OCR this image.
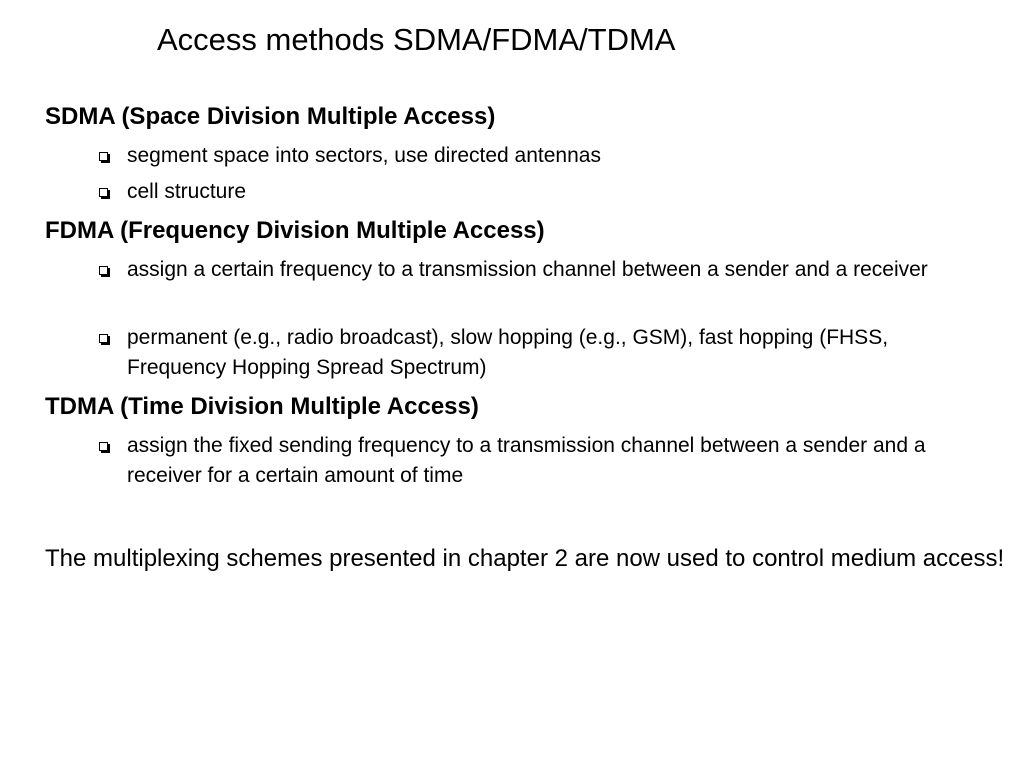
Access methods SDMA/FDMA/TDMA
SDMA (Space Division Multiple Access)
segment space into sectors, use directed antennas
cell structure
FDMA (Frequency Division Multiple Access)
assign a certain frequency to a transmission channel between a sender and a receiver
permanent (e.g., radio broadcast), slow hopping (e.g., GSM), fast hopping (FHSS, Frequency Hopping Spread Spectrum)
TDMA (Time Division Multiple Access)
assign the fixed sending frequency to a transmission channel between a sender and a receiver for a certain amount of time

The multiplexing schemes presented in chapter 2 are now used to control medium access!
